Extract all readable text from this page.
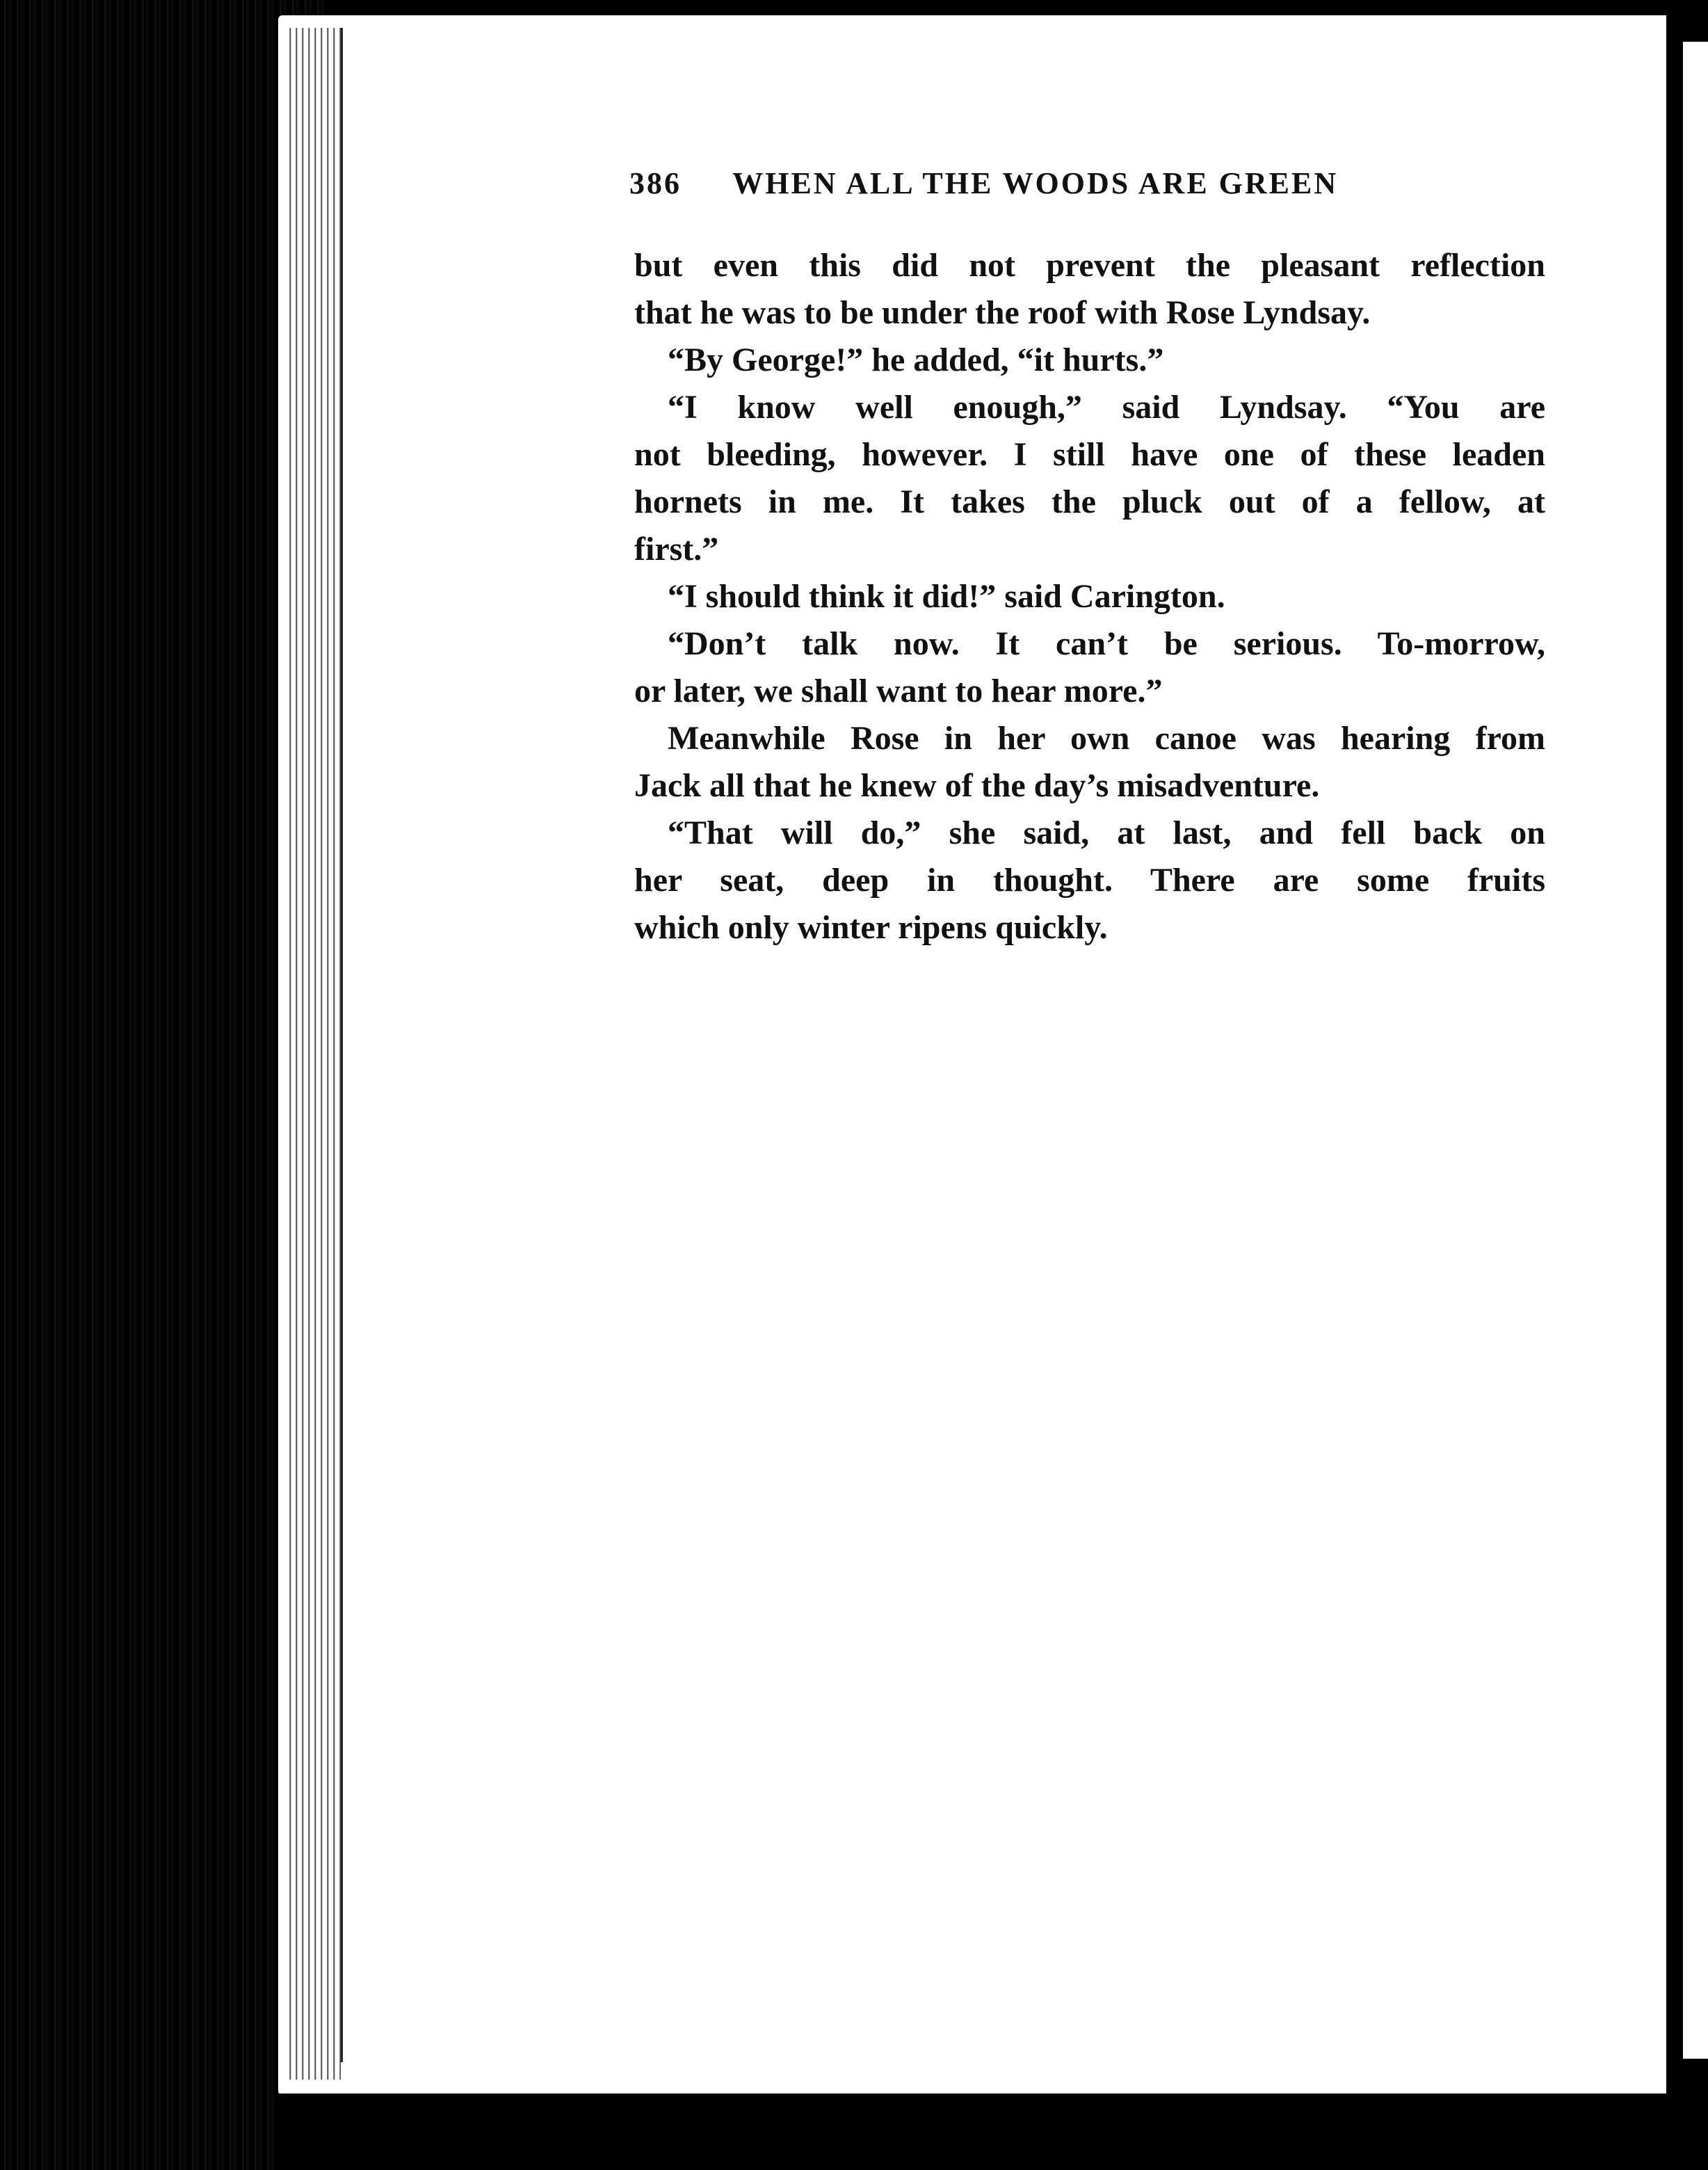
386 WHEN ALL THE WOODS ARE GREEN

but even this did not prevent the pleasant reflection
that he was to be under the roof with Rose Lyndsay.

“By George!” he added, “it hurts.”

“I know well enough,” said Lyndsay. “You are
not bleeding, however. I still have one of these leaden
hornets in me. It takes the pluck out of a fellow, at
first.”

“I should think it did!” said Carington.

“Don’t talk now. It can’t be serious. To-morrow,
or later, we shall want to hear more.”

Meanwhile Rose in her own canoe was hearing from
Jack all that he knew of the day’s misadventure.

“That will do,” she said, at last, and fell back on
her seat, deep in thought. There are some fruits
which only winter ripens quickly.
